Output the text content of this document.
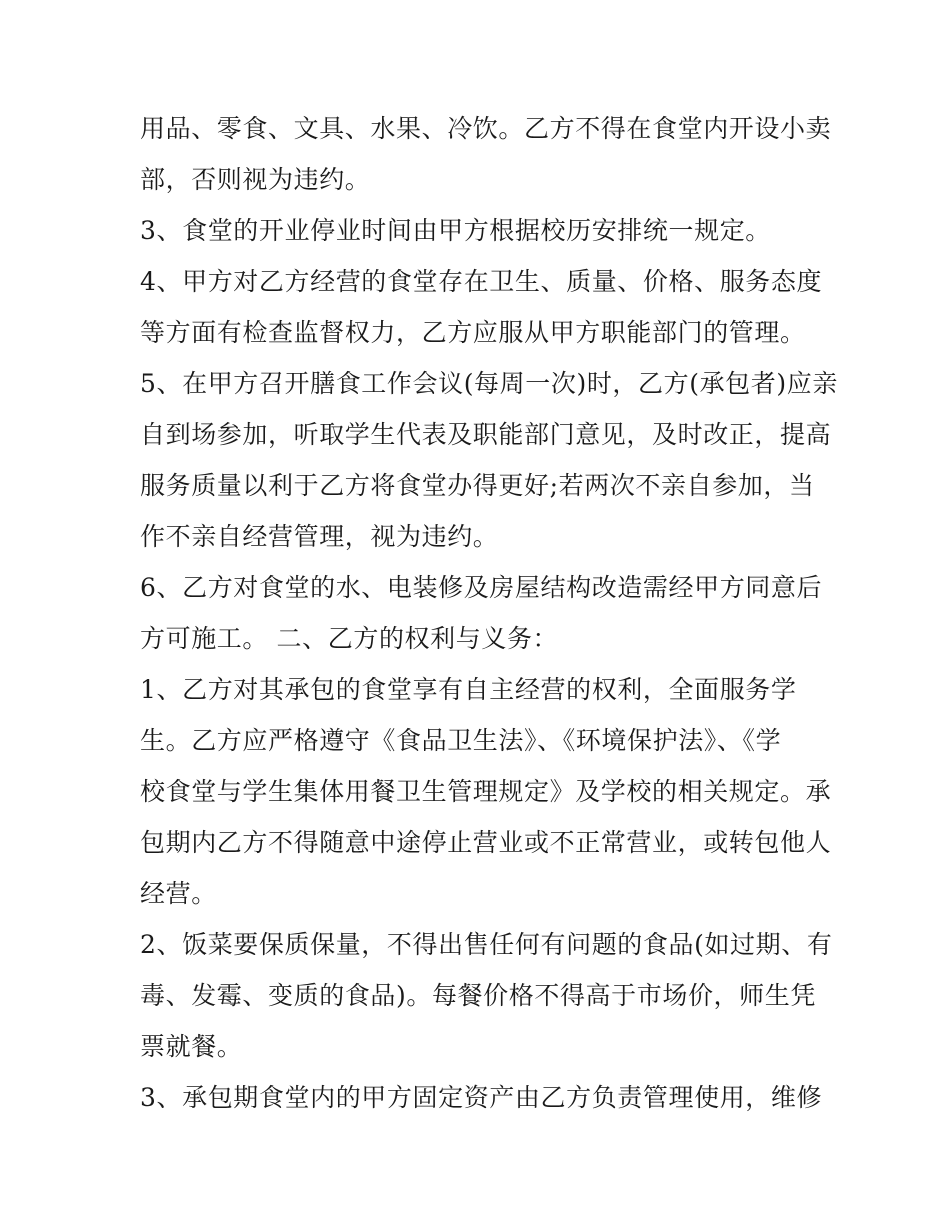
用品、零食、文具、水果、冷饮。乙方不得在食堂内开设小卖
部，否则视为违约。
3、食堂的开业停业时间由甲方根据校历安排统一规定。
4、甲方对乙方经营的食堂存在卫生、质量、价格、服务态度
等方面有检查监督权力，乙方应服从甲方职能部门的管理。
5、在甲方召开膳食工作会议(每周一次)时，乙方(承包者)应亲
自到场参加，听取学生代表及职能部门意见，及时改正，提高
服务质量以利于乙方将食堂办得更好;若两次不亲自参加，当
作不亲自经营管理，视为违约。
6、乙方对食堂的水、电装修及房屋结构改造需经甲方同意后
方可施工。 二、乙方的权利与义务：
1、乙方对其承包的食堂享有自主经营的权利，全面服务学
生。乙方应严格遵守《食品卫生法》、《环境保护法》、《学
校食堂与学生集体用餐卫生管理规定》及学校的相关规定。承
包期内乙方不得随意中途停止营业或不正常营业，或转包他人
经营。
2、饭菜要保质保量，不得出售任何有问题的食品(如过期、有
毒、发霉、变质的食品)。每餐价格不得高于市场价，师生凭
票就餐。
3、承包期食堂内的甲方固定资产由乙方负责管理使用，维修
